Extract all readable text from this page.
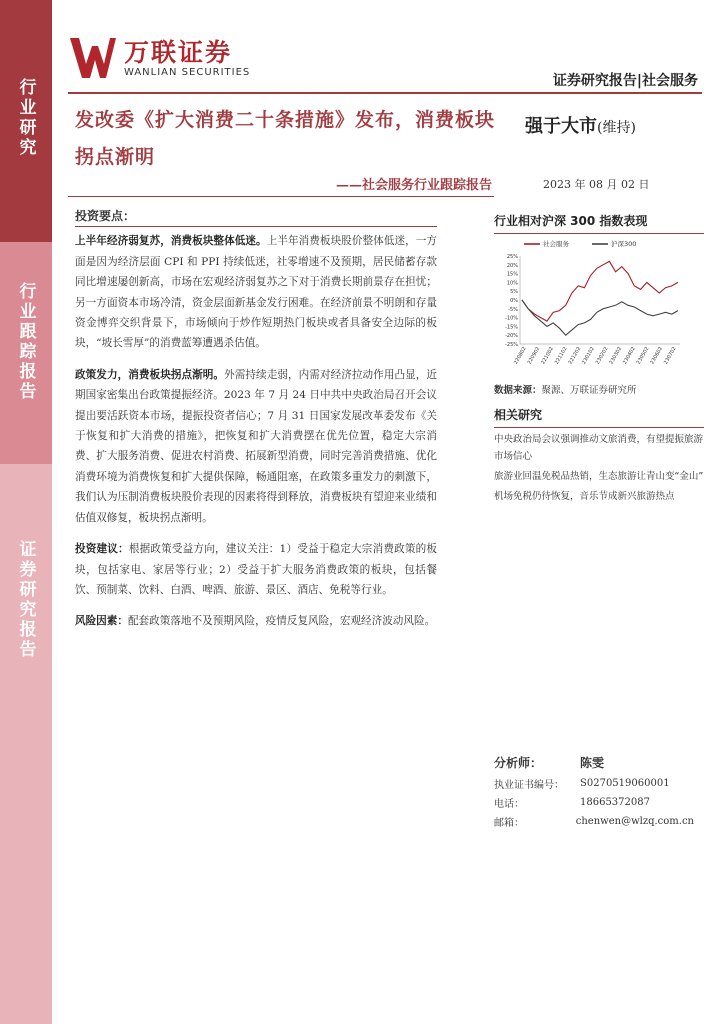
行业研究
行业跟踪报告
证券研究报告
万联证券
WANLIAN SECURITIES
证券研究报告|社会服务
发改委《扩大消费二十条措施》发布，消费板块拐点渐明
——社会服务行业跟踪报告
强于大市(维持)
2023 年 08 月 02 日
投资要点：

上半年经济弱复苏，消费板块整体低迷。上半年消费板块股价整体低迷，一方面是因为经济层面 CPI 和 PPI 持续低迷，社零增速不及预期，居民储蓄存款同比增速屡创新高，市场在宏观经济弱复苏之下对于消费长期前景存在担忧；另一方面资本市场冷清，资金层面新基金发行困难。在经济前景不明朗和存量资金博弈交织背景下，市场倾向于炒作短期热门板块或者具备安全边际的板块，“坡长雪厚”的消费蓝筹遭遇杀估值。

政策发力，消费板块拐点渐明。外需持续走弱，内需对经济拉动作用凸显，近期国家密集出台政策提振经济。2023 年 7 月 24 日中共中央政治局召开会议提出要活跃资本市场，提振投资者信心；7 月 31 日国家发展改革委发布《关于恢复和扩大消费的措施》，把恢复和扩大消费摆在优先位置，稳定大宗消费、扩大服务消费、促进农村消费、拓展新型消费，同时完善消费措施、优化消费环境为消费恢复和扩大提供保障，畅通阻塞，在政策多重发力的刺激下，我们认为压制消费板块股价表现的因素将得到释放，消费板块有望迎来业绩和估值双修复，板块拐点渐明。

投资建议：根据政策受益方向，建议关注：1）受益于稳定大宗消费政策的板块，包括家电、家居等行业；2）受益于扩大服务消费政策的板块，包括餐饮、预制菜、饮料、白酒、啤酒、旅游、景区、酒店、免税等行业。

风险因素：配套政策落地不及预期风险，疫情反复风险，宏观经济波动风险。

行业相对沪深 300 指数表现
25%
20%
15%
10%
5%
0%
-5%
-10%
-15%
-20%
-25%
220802
220902
221002
221102
221202
230102
230202
230302
230402
230502
230602
230702
社会服务	沪深300
数据来源：聚源、万联证券研究所
相关研究
中央政治局会议强调推动文旅消费，有望提振旅游市场信心
旅游业回温免税品热销，生态旅游让青山变“金山”
机场免税仍待恢复，音乐节成新兴旅游热点
分析师：	陈雯
执业证书编号：	S0270519060001
电话：	18665372087
邮箱：	chenwen@wlzq.com.cn
